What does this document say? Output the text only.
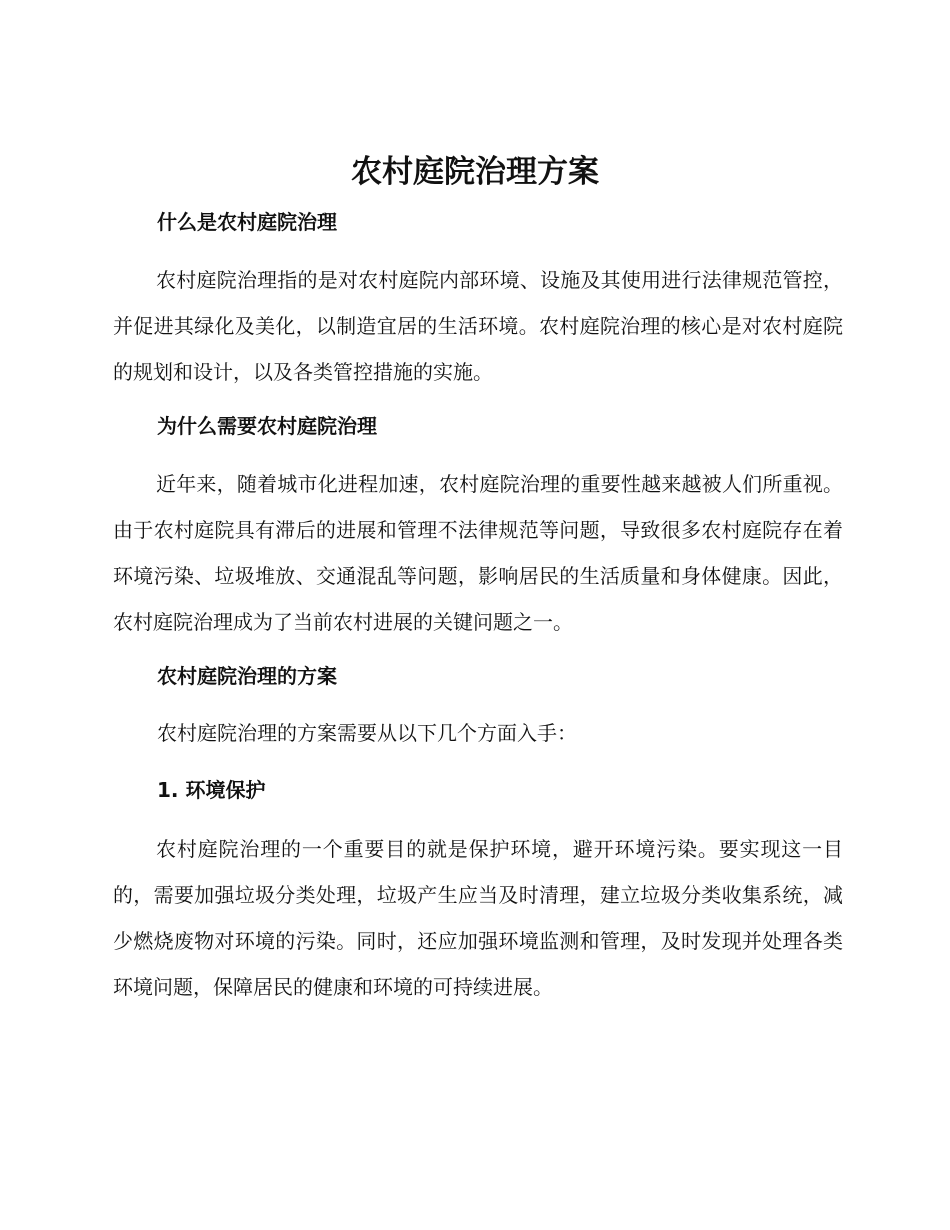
农村庭院治理方案
什么是农村庭院治理

农村庭院治理指的是对农村庭院内部环境、设施及其使用进行法律规范管控，并促进其绿化及美化，以制造宜居的生活环境。农村庭院治理的核心是对农村庭院的规划和设计，以及各类管控措施的实施。

为什么需要农村庭院治理

近年来，随着城市化进程加速，农村庭院治理的重要性越来越被人们所重视。由于农村庭院具有滞后的进展和管理不法律规范等问题，导致很多农村庭院存在着环境污染、垃圾堆放、交通混乱等问题，影响居民的生活质量和身体健康。因此，农村庭院治理成为了当前农村进展的关键问题之一。

农村庭院治理的方案

农村庭院治理的方案需要从以下几个方面入手：

1. 环境保护

农村庭院治理的一个重要目的就是保护环境，避开环境污染。要实现这一目的，需要加强垃圾分类处理，垃圾产生应当及时清理，建立垃圾分类收集系统，减少燃烧废物对环境的污染。同时，还应加强环境监测和管理，及时发现并处理各类环境问题，保障居民的健康和环境的可持续进展。
